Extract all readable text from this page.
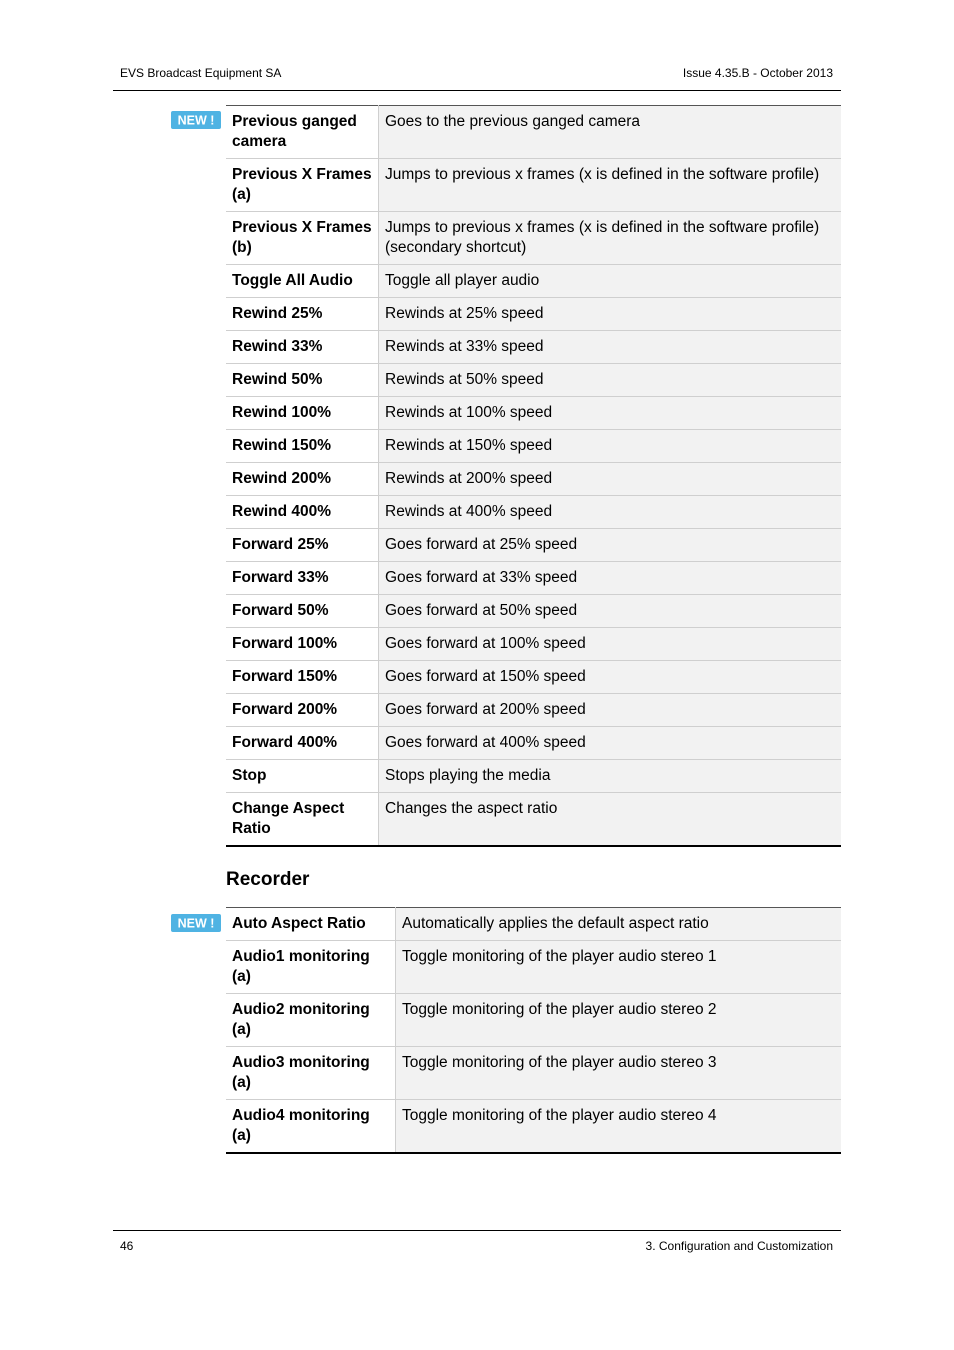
EVS Broadcast Equipment SA	Issue 4.35.B - October 2013
NEW ! Previous ganged camera	Goes to the previous ganged camera
Previous X Frames (a)	Jumps to previous x frames (x is defined in the software profile)
Previous X Frames (b)	Jumps to previous x frames (x is defined in the software profile) (secondary shortcut)
Toggle All Audio	Toggle all player audio
Rewind 25%	Rewinds at 25% speed
Rewind 33%	Rewinds at 33% speed
Rewind 50%	Rewinds at 50% speed
Rewind 100%	Rewinds at 100% speed
Rewind 150%	Rewinds at 150% speed
Rewind 200%	Rewinds at 200% speed
Rewind 400%	Rewinds at 400% speed
Forward 25%	Goes forward at 25% speed
Forward 33%	Goes forward at 33% speed
Forward 50%	Goes forward at 50% speed
Forward 100%	Goes forward at 100% speed
Forward 150%	Goes forward at 150% speed
Forward 200%	Goes forward at 200% speed
Forward 400%	Goes forward at 400% speed
Stop	Stops playing the media
Change Aspect Ratio	Changes the aspect ratio
Recorder
NEW ! Auto Aspect Ratio	Automatically applies the default aspect ratio
Audio1 monitoring (a)	Toggle monitoring of the player audio stereo 1
Audio2 monitoring (a)	Toggle monitoring of the player audio stereo 2
Audio3 monitoring (a)	Toggle monitoring of the player audio stereo 3
Audio4 monitoring (a)	Toggle monitoring of the player audio stereo 4
46	3. Configuration and Customization
